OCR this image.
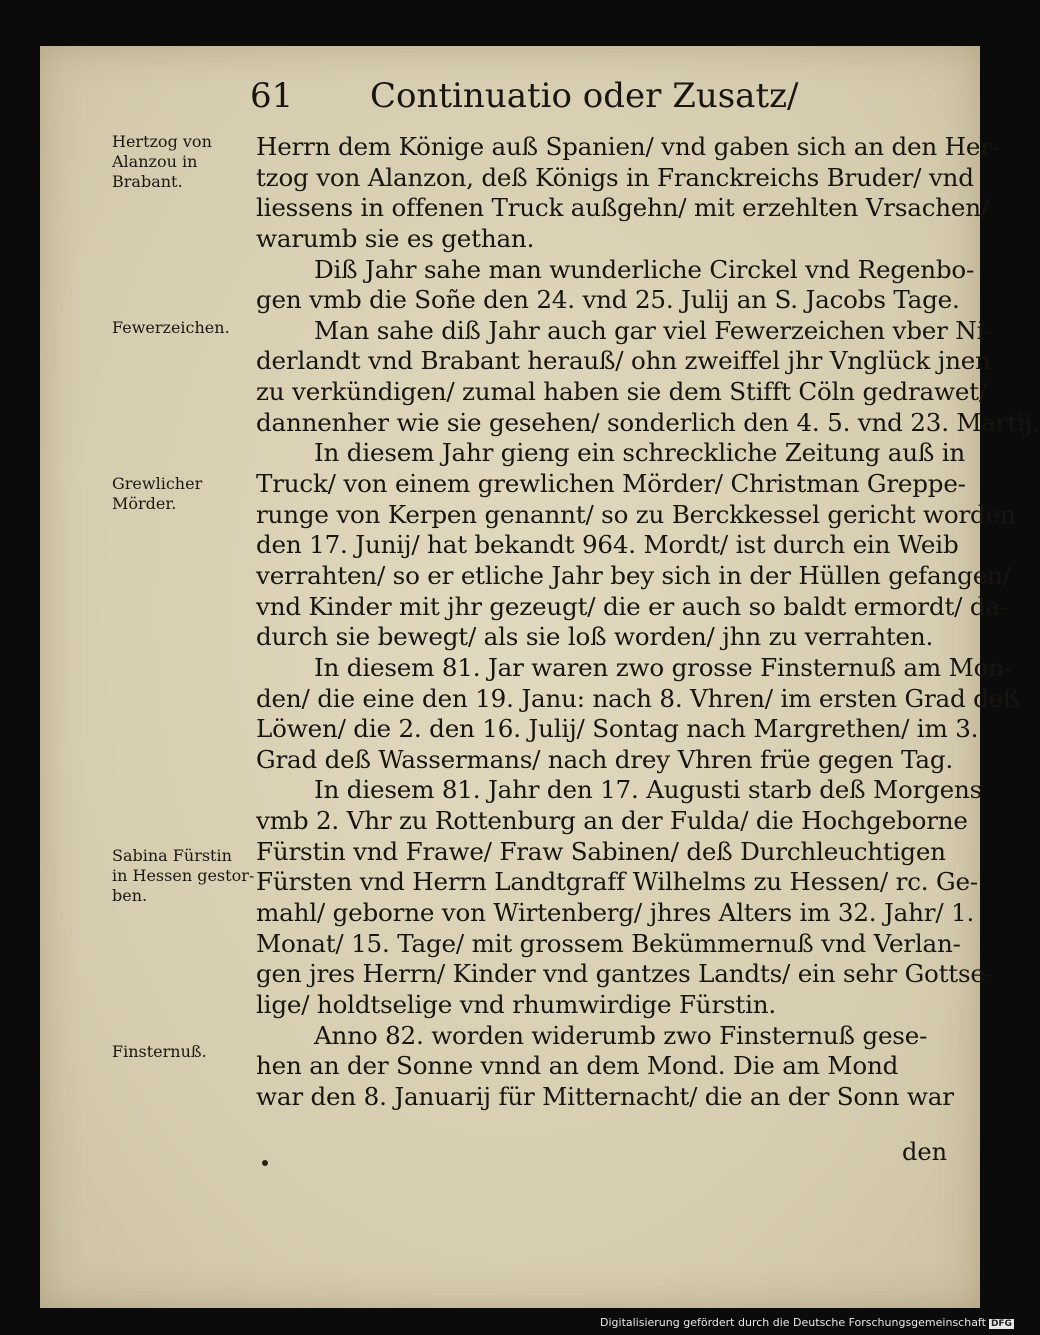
61 Continuatio oder Zusatz/
Hertzog von
Alanzou in
Brabant.
Fewerzeichen.
Grewlicher
Mörder.
Sabina Fürstin
in Hessen gestor-
ben.
Finsternuß.
Herrn dem Könige auß Spanien/ vnd gaben sich an den Her-
tzog von Alanzon, deß Königs in Franckreichs Bruder/ vnd
liessens in offenen Truck außgehn/ mit erzehlten Vrsachen/
warumb sie es gethan.
Diß Jahr sahe man wunderliche Circkel vnd Regenbo-
gen vmb die Soñe den 24. vnd 25. Julij an S. Jacobs Tage.
Man sahe diß Jahr auch gar viel Fewerzeichen vber Ni-
derlandt vnd Brabant herauß/ ohn zweiffel jhr Vnglück jnen
zu verkündigen/ zumal haben sie dem Stifft Cöln gedrawet/
dannenher wie sie gesehen/ sonderlich den 4. 5. vnd 23. Martij.
In diesem Jahr gieng ein schreckliche Zeitung auß in
Truck/ von einem grewlichen Mörder/ Christman Greppe-
runge von Kerpen genannt/ so zu Berckkessel gericht worden
den 17. Junij/ hat bekandt 964. Mordt/ ist durch ein Weib
verrahten/ so er etliche Jahr bey sich in der Hüllen gefangen/
vnd Kinder mit jhr gezeugt/ die er auch so baldt ermordt/ da-
durch sie bewegt/ als sie loß worden/ jhn zu verrahten.
In diesem 81. Jar waren zwo grosse Finsternuß am Mon-
den/ die eine den 19. Janu: nach 8. Vhren/ im ersten Grad deß
Löwen/ die 2. den 16. Julij/ Sontag nach Margrethen/ im 3.
Grad deß Wassermans/ nach drey Vhren früe gegen Tag.
In diesem 81. Jahr den 17. Augusti starb deß Morgens
vmb 2. Vhr zu Rottenburg an der Fulda/ die Hochgeborne
Fürstin vnd Frawe/ Fraw Sabinen/ deß Durchleuchtigen
Fürsten vnd Herrn Landtgraff Wilhelms zu Hessen/ rc. Ge-
mahl/ geborne von Wirtenberg/ jhres Alters im 32. Jahr/ 1.
Monat/ 15. Tage/ mit grossem Bekümmernuß vnd Verlan-
gen jres Herrn/ Kinder vnd gantzes Landts/ ein sehr Gottse-
lige/ holdtselige vnd rhumwirdige Fürstin.
Anno 82. worden widerumb zwo Finsternuß gese-
hen an der Sonne vnnd an dem Mond. Die am Mond
war den 8. Januarij für Mitternacht/ die an der Sonn war
den
Digitalisierung gefördert durch die Deutsche Forschungsgemeinschaft DFG
